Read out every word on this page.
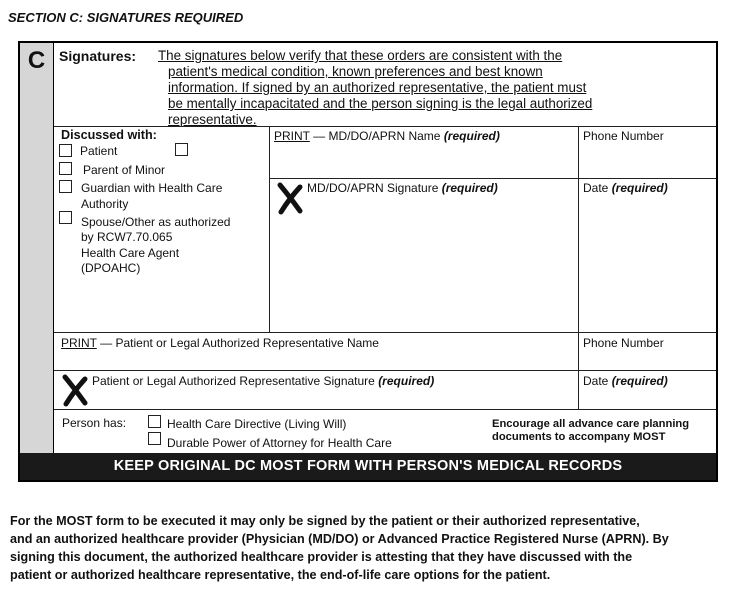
SECTION C: SIGNATURES REQUIRED
C Signatures: The signatures below verify that these orders are consistent with the
patient's medical condition, known preferences and best known
information. If signed by an authorized representative, the patient must
be mentally incapacitated and the person signing is the legal authorized
representative.
Discussed with:
Patient
Parent of Minor
Guardian with Health Care
Authority
Spouse/Other as authorized
by RCW7.70.065
Health Care Agent
(DPOAHC)
PRINT — MD/DO/APRN Name (required)	Phone Number
MD/DO/APRN Signature (required)	Date (required)
PRINT — Patient or Legal Authorized Representative Name	Phone Number
Patient or Legal Authorized Representative Signature (required)	Date (required)
Person has:	Health Care Directive (Living Will)
Durable Power of Attorney for Health Care
Encourage all advance care planning
documents to accompany MOST
KEEP ORIGINAL DC MOST FORM WITH PERSON'S MEDICAL RECORDS
For the MOST form to be executed it may only be signed by the patient or their authorized representative,
and an authorized healthcare provider (Physician (MD/DO) or Advanced Practice Registered Nurse (APRN). By
signing this document, the authorized healthcare provider is attesting that they have discussed with the
patient or authorized healthcare representative, the end-of-life care options for the patient.
